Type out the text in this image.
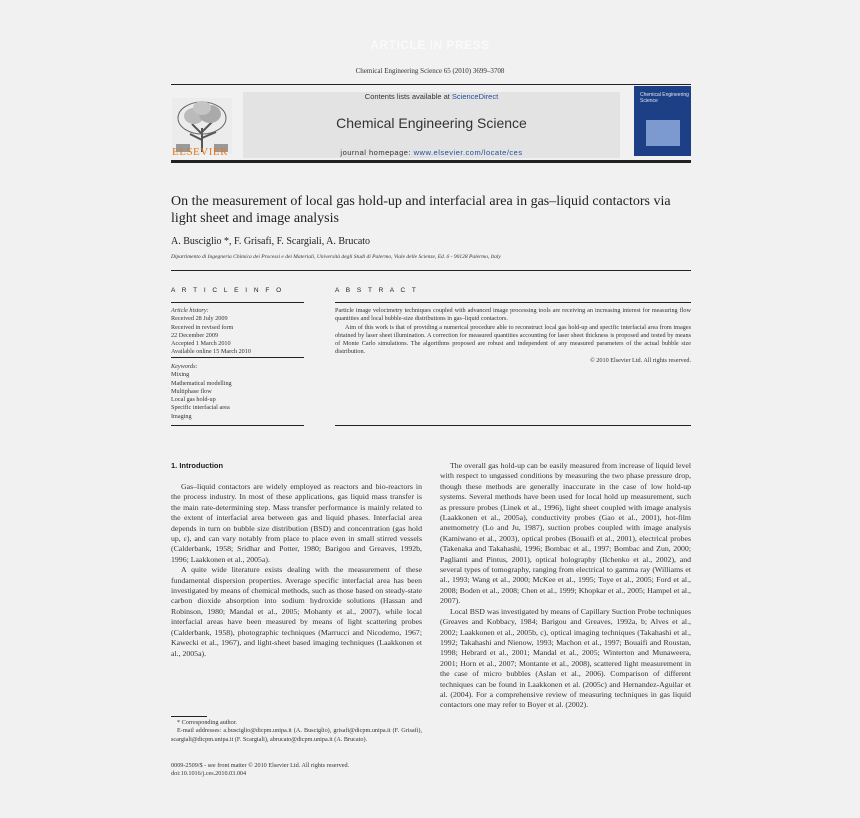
ARTICLE IN PRESS
Chemical Engineering Science 65 (2010) 3699–3708
ELSEVIER
Contents lists available at ScienceDirect
Chemical Engineering Science
journal homepage: www.elsevier.com/locate/ces
Chemical Engineering Science
On the measurement of local gas hold-up and interfacial area in gas–liquid contactors via light sheet and image analysis
A. Busciglio *, F. Grisafi, F. Scargiali, A. Brucato
Dipartimento di Ingegneria Chimica dei Processi e dei Materiali, Università degli Studi di Palermo, Viale delle Scienze, Ed. 6 - 90128 Palermo, Italy
A R T I C L E I N F O
Article history:
Received 28 July 2009
Received in revised form
22 December 2009
Accepted 1 March 2010
Available online 15 March 2010
Keywords:
Mixing
Mathematical modelling
Multiphase flow
Local gas hold-up
Specific interfacial area
Imaging
A B S T R A C T
Particle image velocimetry techniques coupled with advanced image processing tools are receiving an increasing interest for measuring flow quantities and local bubble-size distributions in gas–liquid contactors.
Aim of this work is that of providing a numerical procedure able to reconstruct local gas hold-up and specific interfacial area from images obtained by laser sheet illumination. A correction for measured quantities accounting for laser sheet thickness is proposed and tested by means of Monte Carlo simulations. The algorithms proposed are robust and independent of any measured parameters of the actual bubble size distribution.
© 2010 Elsevier Ltd. All rights reserved.
1. Introduction
Gas–liquid contactors are widely employed as reactors and bio-reactors in the process industry. In most of these applications, gas liquid mass transfer is the main rate-determining step. Mass transfer performance is mainly related to the extent of interfacial area between gas and liquid phases. Interfacial area depends in turn on bubble size distribution (BSD) and concentration (gas hold up, ε), and can vary notably from place to place even in small stirred vessels (Calderbank, 1958; Sridhar and Potter, 1980; Barigou and Greaves, 1992b, 1996; Laakkonen et al., 2005a).
A quite wide literature exists dealing with the measurement of these fundamental dispersion properties. Average specific interfacial area has been investigated by means of chemical methods, such as those based on steady-state carbon dioxide absorption into sodium hydroxide solutions (Hassan and Robinson, 1980; Mandal et al., 2005; Mohanty et al., 2007), while local interfacial areas have been measured by means of light scattering probes (Calderbank, 1958), photographic techniques (Marrucci and Nicodemo, 1967; Kawecki et al., 1967), and light-sheet based imaging techniques (Laakkonen et al., 2005a).
* Corresponding author.
E-mail addresses: a.busciglio@dicpm.unipa.it (A. Busciglio), grisafi@dicpm.unipa.it (F. Grisafi), scargiali@dicpm.unipa.it (F. Scargiali), abrucato@dicpm.unipa.it (A. Brucato).
0009-2509/$ - see front matter © 2010 Elsevier Ltd. All rights reserved.
doi:10.1016/j.ces.2010.03.004
The overall gas hold-up can be easily measured from increase of liquid level with respect to ungassed conditions by measuring the two phase pressure drop, though these methods are generally inaccurate in the case of low hold-up systems. Several methods have been used for local hold up measurement, such as pressure probes (Linek et al., 1996), light sheet coupled with image analysis (Laakkonen et al., 2005a), conductivity probes (Gao et al., 2001), hot-film anemometry (Lo and Ju, 1987), suction probes coupled with image analysis (Kamiwano et al., 2003), optical probes (Bouaifi et al., 2001), electrical probes (Takenaka and Takahashi, 1996; Bombac et al., 1997; Bombac and Zun, 2000; Paglianti and Pintus, 2001), optical holography (Ilchenko et al., 2002), and several types of tomography, ranging from electrical to gamma ray (Williams et al., 1993; Wang et al., 2000; McKee et al., 1995; Toye et al., 2005; Ford et al., 2008; Boden et al., 2008; Chen et al., 1999; Khopkar et al., 2005; Hampel et al., 2007).
Local BSD was investigated by means of Capillary Suction Probe techniques (Greaves and Kobbacy, 1984; Barigou and Greaves, 1992a, b; Alves et al., 2002; Laakkonen et al., 2005b, c), optical imaging techniques (Takahashi et al., 1992; Takahashi and Nienow, 1993; Machon et al., 1997; Bouaifi and Roustan, 1998; Hebrard et al., 2001; Mandal et al., 2005; Winterton and Munaweera, 2001; Horn et al., 2007; Montante et al., 2008), scattered light measurement in the case of micro bubbles (Aslan et al., 2006). Comparison of different techniques can be found in Laakkonen et al. (2005c) and Hernandez-Aguilar et al. (2004). For a comprehensive review of measuring techniques in gas liquid contactors one may refer to Boyer et al. (2002).
